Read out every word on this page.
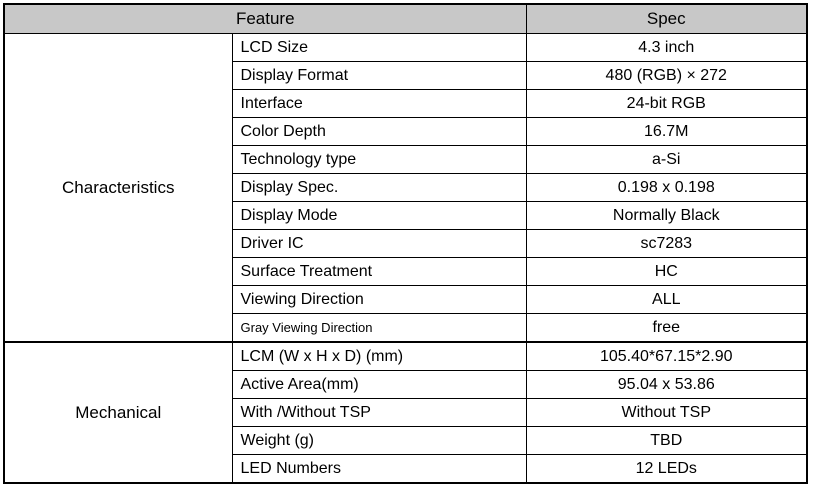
Feature		Spec
Characteristics	LCD Size	4.3 inch
	Display Format	480 (RGB) × 272
	Interface	24-bit RGB
	Color Depth	16.7M
	Technology type	a-Si
	Display Spec.	0.198 x 0.198
	Display Mode	Normally Black
	Driver IC	sc7283
	Surface Treatment	HC
	Viewing Direction	ALL
	Gray Viewing Direction	free
Mechanical	LCM (W x H x D) (mm)	105.40*67.15*2.90
	Active Area(mm)	95.04 x 53.86
	With /Without TSP	Without TSP
	Weight (g)	TBD
	LED Numbers	12 LEDs
